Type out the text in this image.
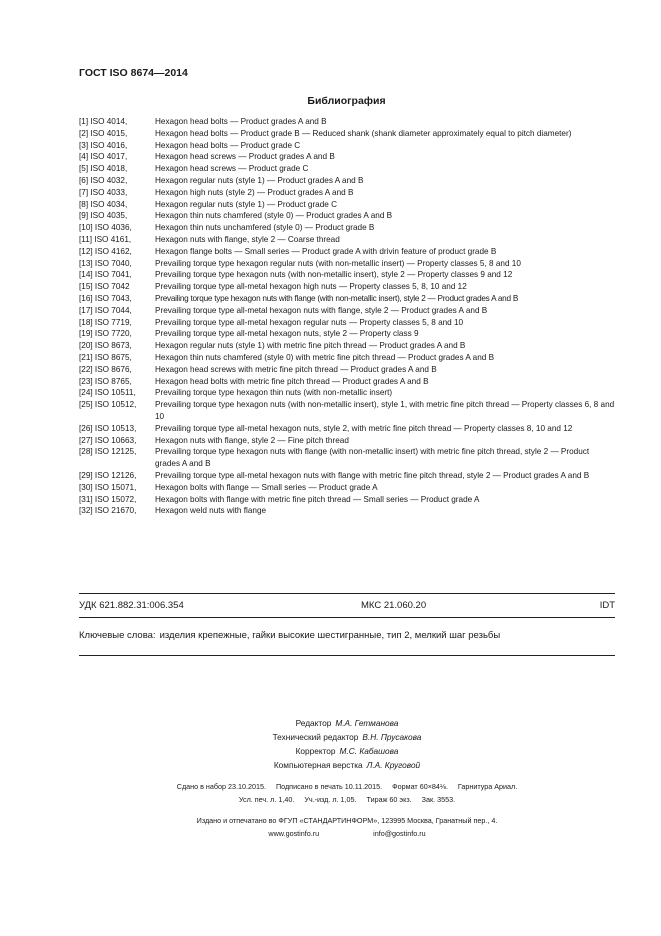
ГОСТ ISO 8674—2014
Библиография
[1] ISO 4014,	Hexagon head bolts — Product grades A and B
[2] ISO 4015,	Hexagon head bolts — Product grade B — Reduced shank (shank diameter approximately equal to pitch diameter)
[3] ISO 4016,	Hexagon head bolts — Product grade C
[4] ISO 4017,	Hexagon head screws — Product grades A and B
[5] ISO 4018,	Hexagon head screws — Product grade C
[6] ISO 4032,	Hexagon regular nuts (style 1) — Product grades A and B
[7] ISO 4033,	Hexagon high nuts (style 2) — Product grades A and B
[8] ISO 4034,	Hexagon regular nuts (style 1) — Product grade C
[9] ISO 4035,	Hexagon thin nuts chamfered (style 0) — Product grades A and B
[10] ISO 4036,	Hexagon thin nuts unchamfered (style 0) — Product grade B
[11] ISO 4161,	Hexagon nuts with flange, style 2 — Coarse thread
[12] ISO 4162,	Hexagon flange bolts — Small series — Product grade A with drivin feature of product grade B
[13] ISO 7040,	Prevailing torque type hexagon regular nuts (with non-metallic insert) — Property classes 5, 8 and 10
[14] ISO 7041,	Prevailing torque type hexagon nuts (with non-metallic insert), style 2 — Property classes 9 and 12
[15] ISO 7042	Prevailing torque type all-metal hexagon high nuts — Property classes 5, 8, 10 and 12
[16] ISO 7043,	Prevailing torque type hexagon nuts with flange (with non-metallic insert), style 2 — Product grades A and B
[17] ISO 7044,	Prevailing torque type all-metal hexagon nuts with flange, style 2 — Product grades A and B
[18] ISO 7719,	Prevailing torque type all-metal hexagon regular nuts — Property classes 5, 8 and 10
[19] ISO 7720,	Prevailing torque type all-metal hexagon nuts, style 2 — Property class 9
[20] ISO 8673,	Hexagon regular nuts (style 1) with metric fine pitch thread — Product grades A and B
[21] ISO 8675,	Hexagon thin nuts chamfered (style 0) with metric fine pitch thread — Product grades A and B
[22] ISO 8676,	Hexagon head screws with metric fine pitch thread — Product grades A and B
[23] ISO 8765,	Hexagon head bolts with metric fine pitch thread — Product grades A and B
[24] ISO 10511,	Prevailing torque type hexagon thin nuts (with non-metallic insert)
[25] ISO 10512,	Prevailing torque type hexagon nuts (with non-metallic insert), style 1, with metric fine pitch thread — Property classes 6, 8 and 10
[26] ISO 10513,	Prevailing torque type all-metal hexagon nuts, style 2, with metric fine pitch thread — Property classes 8, 10 and 12
[27] ISO 10663,	Hexagon nuts with flange, style 2 — Fine pitch thread
[28] ISO 12125,	Prevailing torque type hexagon nuts with flange (with non-metallic insert) with metric fine pitch thread, style 2 — Product grades A and B
[29] ISO 12126,	Prevailing torque type all-metal hexagon nuts with flange with metric fine pitch thread, style 2 — Product grades A and B
[30] ISO 15071,	Hexagon bolts with flange — Small series — Product grade A
[31] ISO 15072,	Hexagon bolts with flange with metric fine pitch thread — Small series — Product grade A
[32] ISO 21670,	Hexagon weld nuts with flange
УДК 621.882.31:006.354	МКС 21.060.20	IDT
Ключевые слова: изделия крепежные, гайки высокие шестигранные, тип 2, мелкий шаг резьбы
Редактор М.А. Гетманова
Технический редактор В.Н. Прусакова
Корректор М.С. Кабашова
Компьютерная верстка Л.А. Круговой
Сдано в набор 23.10.2015. Подписано в печать 10.11.2015. Формат 60×84⅛. Гарнитура Ариал.
Усл. печ. л. 1,40. Уч.-изд. л. 1,05. Тираж 60 экз. Зак. 3553.
Издано и отпечатано во ФГУП «СТАНДАРТИНФОРМ», 123995 Москва, Гранатный пер., 4.
www.gostinfo.ru	info@gostinfo.ru
